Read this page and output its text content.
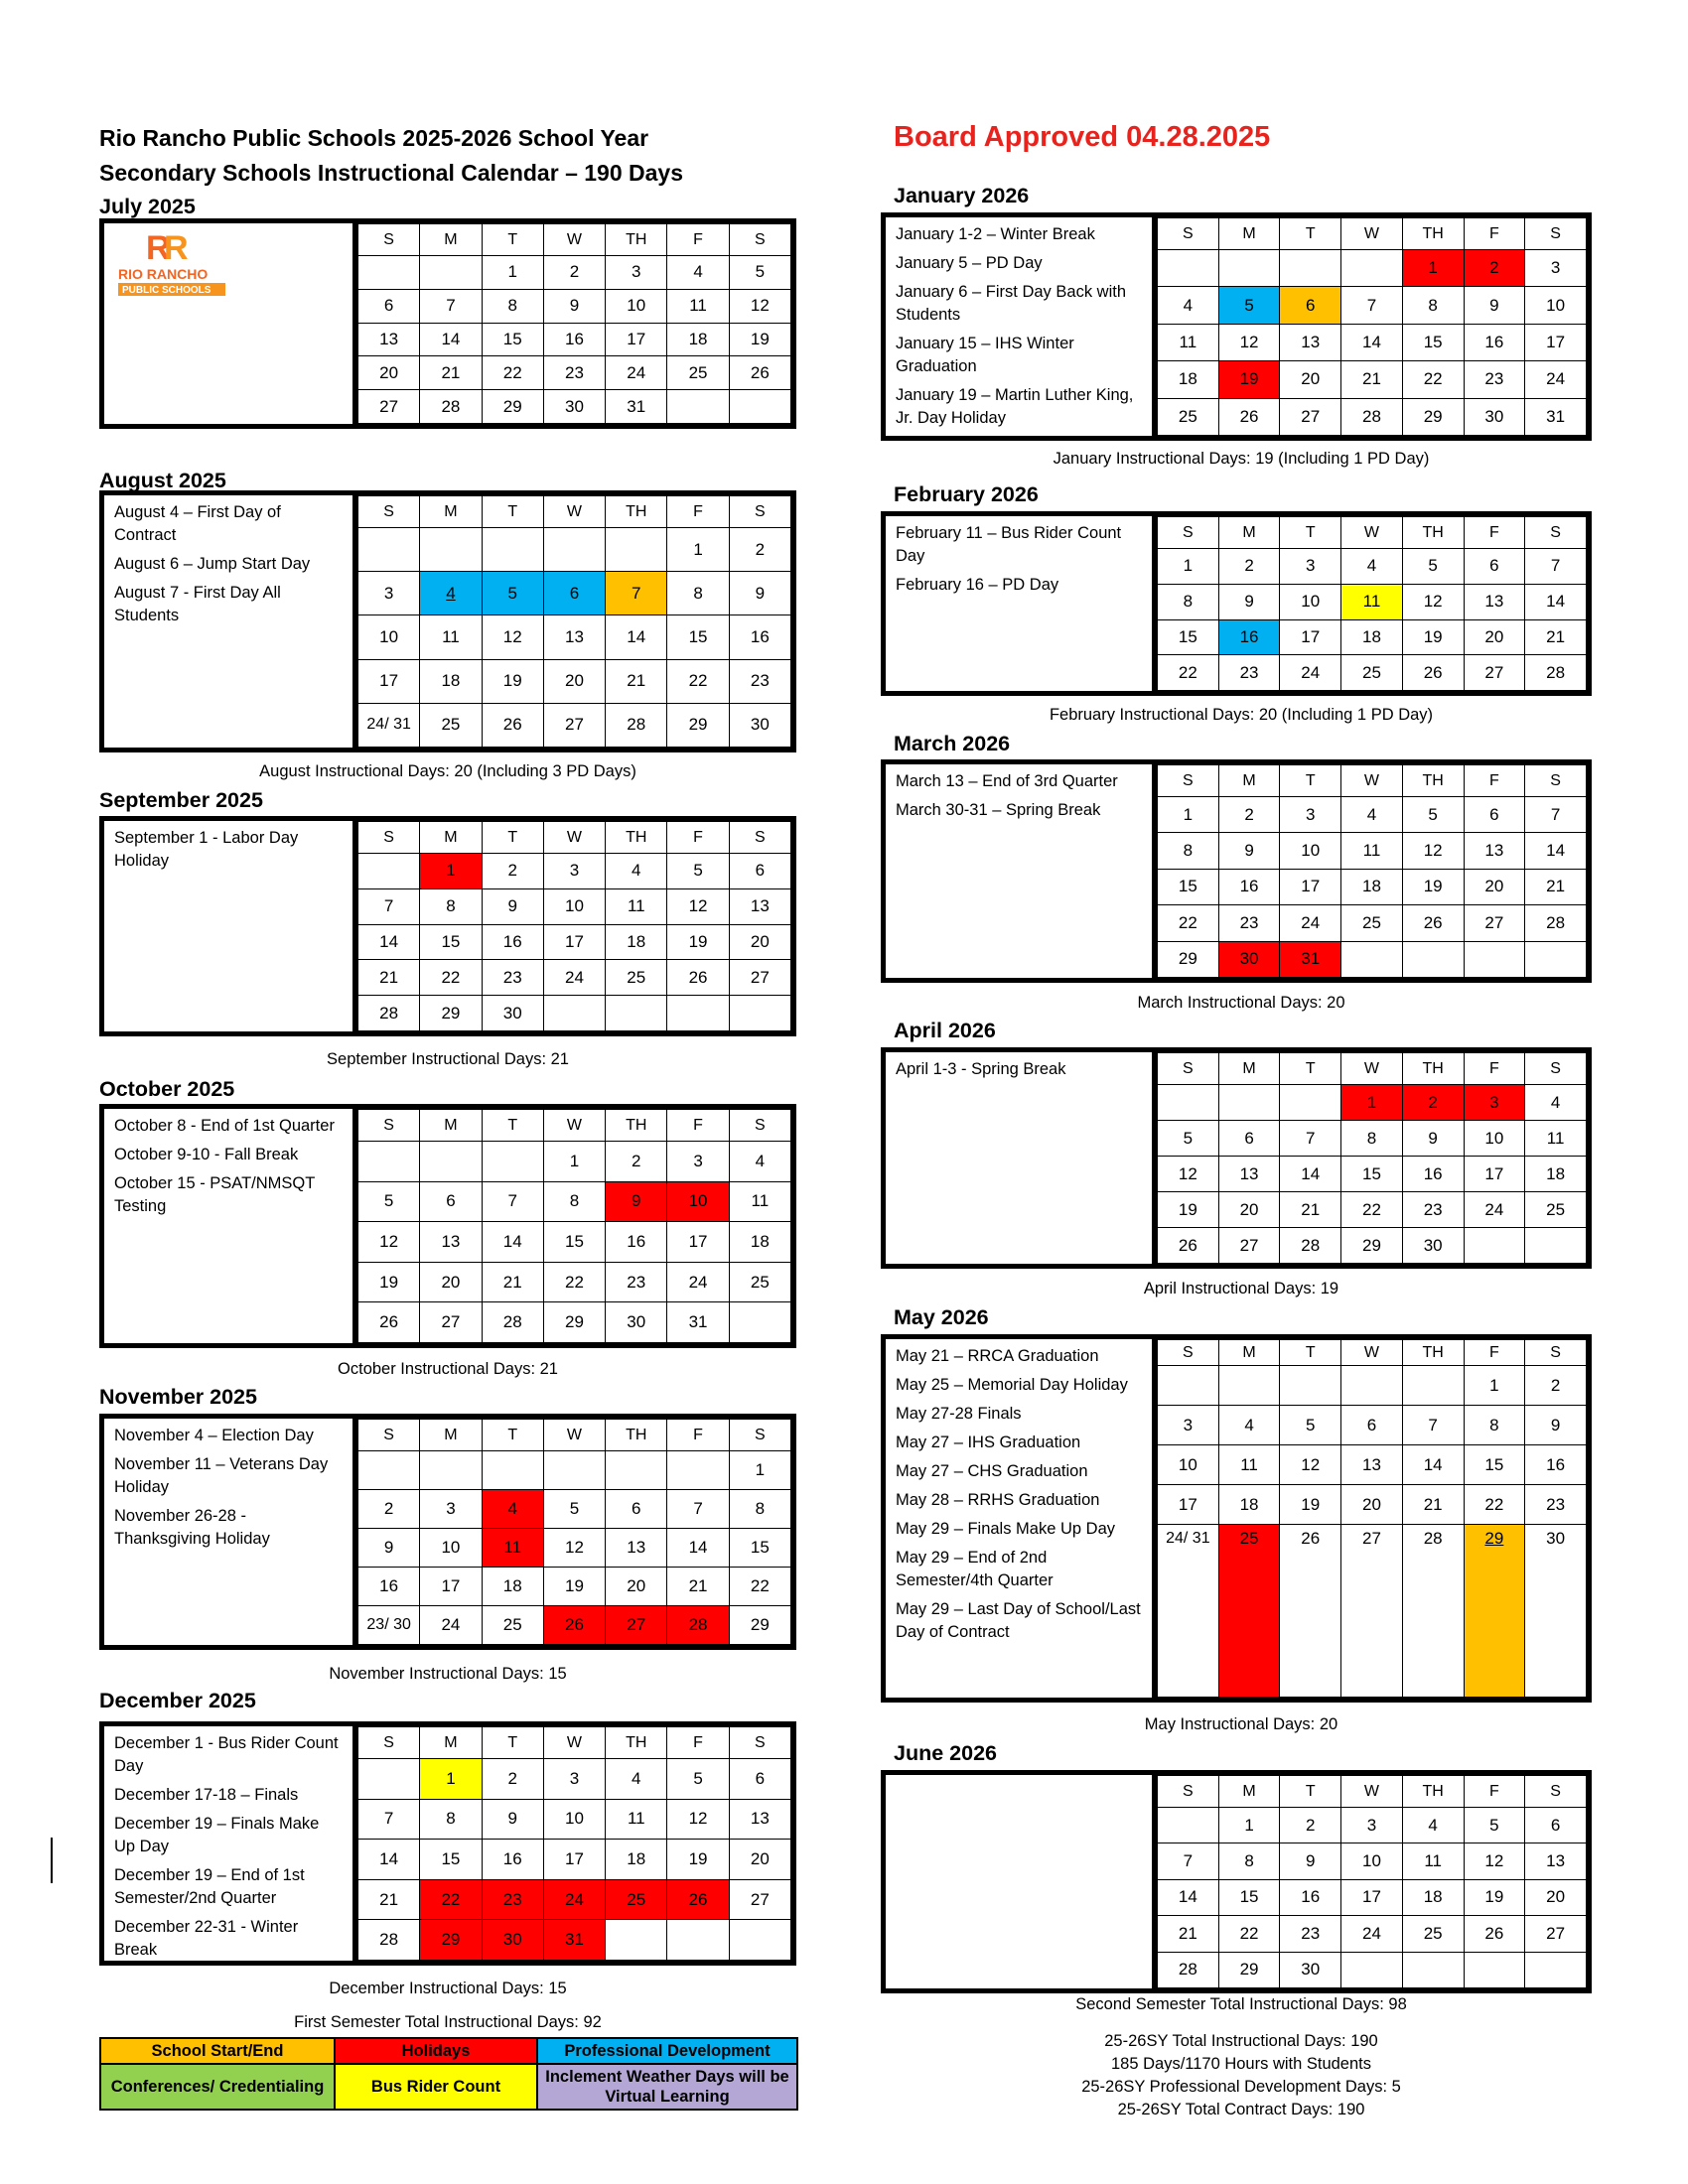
Rio Rancho Public Schools 2025-2026 School Year
Secondary Schools Instructional Calendar – 190 Days
Board Approved 04.28.2025
July 2025
R
R
RIO RANCHO
PUBLIC SCHOOLS
S	M	T	W	TH	F	S
		1	2	3	4	5
6	7	8	9	10	11	12
13	14	15	16	17	18	19
20	21	22	23	24	25	26
27	28	29	30	31		
August 2025
August 4 – First Day of Contract
August 6 – Jump Start Day
August 7 - First Day All Students
S	M	T	W	TH	F	S
					1	2
3	4	5	6	7	8	9
10	11	12	13	14	15	16
17	18	19	20	21	22	23
24/ 31	25	26	27	28	29	30
August Instructional Days: 20 (Including 3 PD Days)
September 2025
September 1 - Labor Day Holiday
S	M	T	W	TH	F	S
	1	2	3	4	5	6
7	8	9	10	11	12	13
14	15	16	17	18	19	20
21	22	23	24	25	26	27
28	29	30				
September Instructional Days: 21
October 2025
October 8 - End of 1st Quarter
October 9-10 - Fall Break
October 15 - PSAT/NMSQT Testing
S	M	T	W	TH	F	S
			1	2	3	4
5	6	7	8	9	10	11
12	13	14	15	16	17	18
19	20	21	22	23	24	25
26	27	28	29	30	31	
October Instructional Days: 21
November 2025
November 4 – Election Day
November 11 – Veterans Day Holiday
November 26-28 - Thanksgiving Holiday
S	M	T	W	TH	F	S
						1
2	3	4	5	6	7	8
9	10	11	12	13	14	15
16	17	18	19	20	21	22
23/ 30	24	25	26	27	28	29
November Instructional Days: 15
December 2025
December 1 - Bus Rider Count Day
December 17-18 – Finals
December 19 – Finals Make Up Day
December 19 – End of 1st Semester/2nd Quarter
December 22-31 - Winter Break
S	M	T	W	TH	F	S
	1	2	3	4	5	6
7	8	9	10	11	12	13
14	15	16	17	18	19	20
21	22	23	24	25	26	27
28	29	30	31			
December Instructional Days: 15
January 2026
January 1-2 – Winter Break
January 5 – PD Day
January 6 – First Day Back with Students
January 15 – IHS Winter Graduation
January 19 – Martin Luther King, Jr. Day Holiday
S	M	T	W	TH	F	S
				1	2	3
4	5	6	7	8	9	10
11	12	13	14	15	16	17
18	19	20	21	22	23	24
25	26	27	28	29	30	31
January Instructional Days: 19 (Including 1 PD Day)
February 2026
February 11 – Bus Rider Count Day
February 16 – PD Day
S	M	T	W	TH	F	S
1	2	3	4	5	6	7
8	9	10	11	12	13	14
15	16	17	18	19	20	21
22	23	24	25	26	27	28
February Instructional Days: 20 (Including 1 PD Day)
March 2026
March 13 – End of 3rd Quarter
March 30-31 – Spring Break
S	M	T	W	TH	F	S
1	2	3	4	5	6	7
8	9	10	11	12	13	14
15	16	17	18	19	20	21
22	23	24	25	26	27	28
29	30	31				
March Instructional Days: 20
April 2026
April 1-3 - Spring Break	S	M	T	W	TH	F	S
			1	2	3	4
5	6	7	8	9	10	11
12	13	14	15	16	17	18
19	20	21	22	23	24	25
26	27	28	29	30		
April Instructional Days: 19
May 2026
May 21 – RRCA Graduation
May 25 – Memorial Day Holiday
May 27-28 Finals
May 27 – IHS Graduation
May 27 – CHS Graduation
May 28 – RRHS Graduation
May 29 – Finals Make Up Day
May 29 – End of 2nd Semester/4th Quarter
May 29 – Last Day of School/Last Day of Contract
S	M	T	W	TH	F	S
					1	2
3	4	5	6	7	8	9
10	11	12	13	14	15	16
17	18	19	20	21	22	23
24/ 31	25	26	27	28	29	30
May Instructional Days: 20
June 2026
S	M	T	W	TH	F	S
	1	2	3	4	5	6
7	8	9	10	11	12	13
14	15	16	17	18	19	20
21	22	23	24	25	26	27
28	29	30				
First Semester Total Instructional Days: 92
Second Semester Total Instructional Days: 98
School Start/End	Holidays	Professional Development
Conferences/ Credentialing	Bus Rider Count	Inclement Weather Days will be Virtual Learning
25-26SY Total Instructional Days: 190
185 Days/1170 Hours with Students
25-26SY Professional Development Days: 5
25-26SY Total Contract Days: 190
